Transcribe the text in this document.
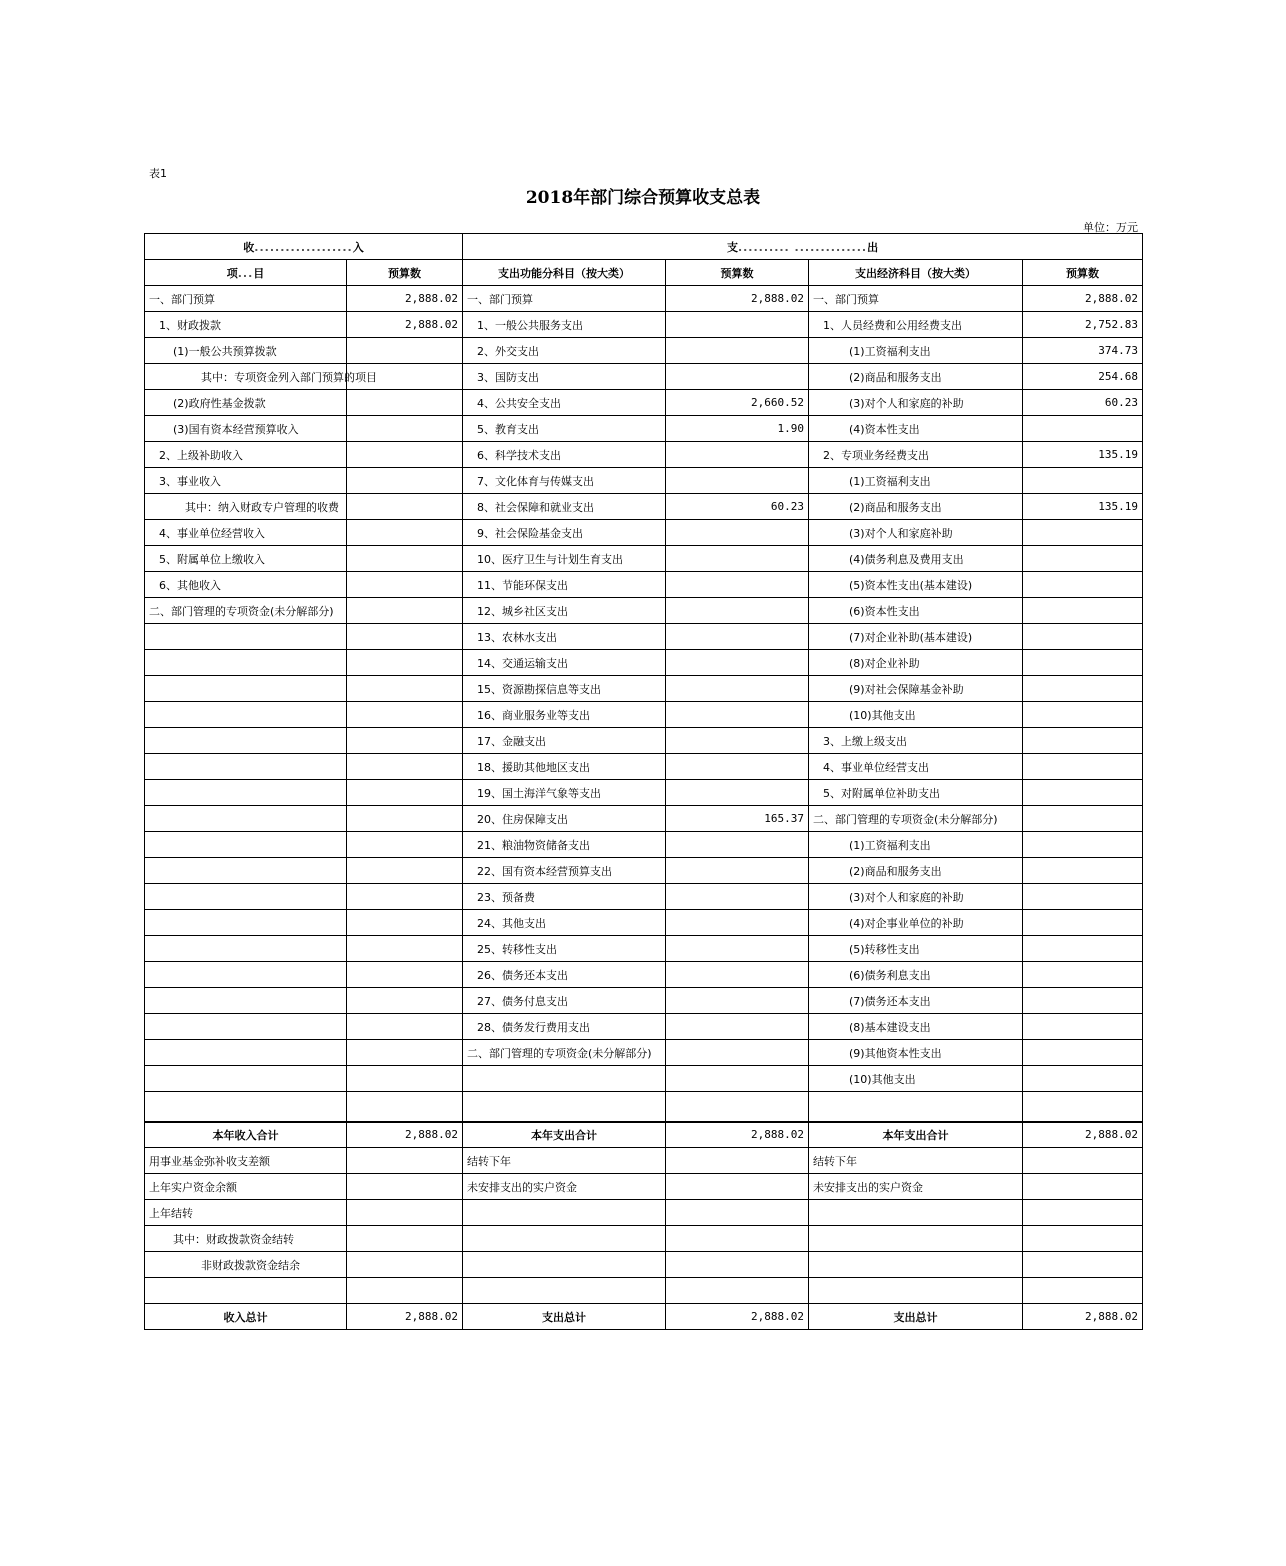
表1
2018年部门综合预算收支总表
单位：万元
收...................入		支.......... ..............出			
项...目	预算数	支出功能分科目（按大类）	预算数	支出经济科目（按大类）	预算数
一、部门预算	2,888.02	一、部门预算	2,888.02	一、部门预算	2,888.02
1、财政拨款	2,888.02	1、一般公共服务支出		1、人员经费和公用经费支出	2,752.83
(1)一般公共预算拨款		2、外交支出		(1)工资福利支出	374.73
其中：专项资金列入部门预算的项目		3、国防支出		(2)商品和服务支出	254.68
(2)政府性基金拨款		4、公共安全支出	2,660.52	(3)对个人和家庭的补助	60.23
(3)国有资本经营预算收入		5、教育支出	1.90	(4)资本性支出	
2、上级补助收入		6、科学技术支出		2、专项业务经费支出	135.19
3、事业收入		7、文化体育与传媒支出		(1)工资福利支出	
其中：纳入财政专户管理的收费		8、社会保障和就业支出	60.23	(2)商品和服务支出	135.19
4、事业单位经营收入		9、社会保险基金支出		(3)对个人和家庭补助	
5、附属单位上缴收入		10、医疗卫生与计划生育支出		(4)债务利息及费用支出	
6、其他收入		11、节能环保支出		(5)资本性支出(基本建设)	
二、部门管理的专项资金(未分解部分)		12、城乡社区支出		(6)资本性支出	
		13、农林水支出		(7)对企业补助(基本建设)	
		14、交通运输支出		(8)对企业补助	
		15、资源勘探信息等支出		(9)对社会保障基金补助	
		16、商业服务业等支出		(10)其他支出	
		17、金融支出		3、上缴上级支出	
		18、援助其他地区支出		4、事业单位经营支出	
		19、国土海洋气象等支出		5、对附属单位补助支出	
		20、住房保障支出	165.37	二、部门管理的专项资金(未分解部分)	
		21、粮油物资储备支出		(1)工资福利支出	
		22、国有资本经营预算支出		(2)商品和服务支出	
		23、预备费		(3)对个人和家庭的补助	
		24、其他支出		(4)对企事业单位的补助	
		25、转移性支出		(5)转移性支出	
		26、债务还本支出		(6)债务利息支出	
		27、债务付息支出		(7)债务还本支出	
		28、债务发行费用支出		(8)基本建设支出	
		二、部门管理的专项资金(未分解部分)		(9)其他资本性支出	
				(10)其他支出	

本年收入合计	2,888.02	本年支出合计	2,888.02	本年支出合计	2,888.02
用事业基金弥补收支差额		结转下年		结转下年	
上年实户资金余额		未安排支出的实户资金		未安排支出的实户资金	
上年结转					
其中：财政拨款资金结转					
非财政拨款资金结余					

收入总计	2,888.02	支出总计	2,888.02	支出总计	2,888.02
